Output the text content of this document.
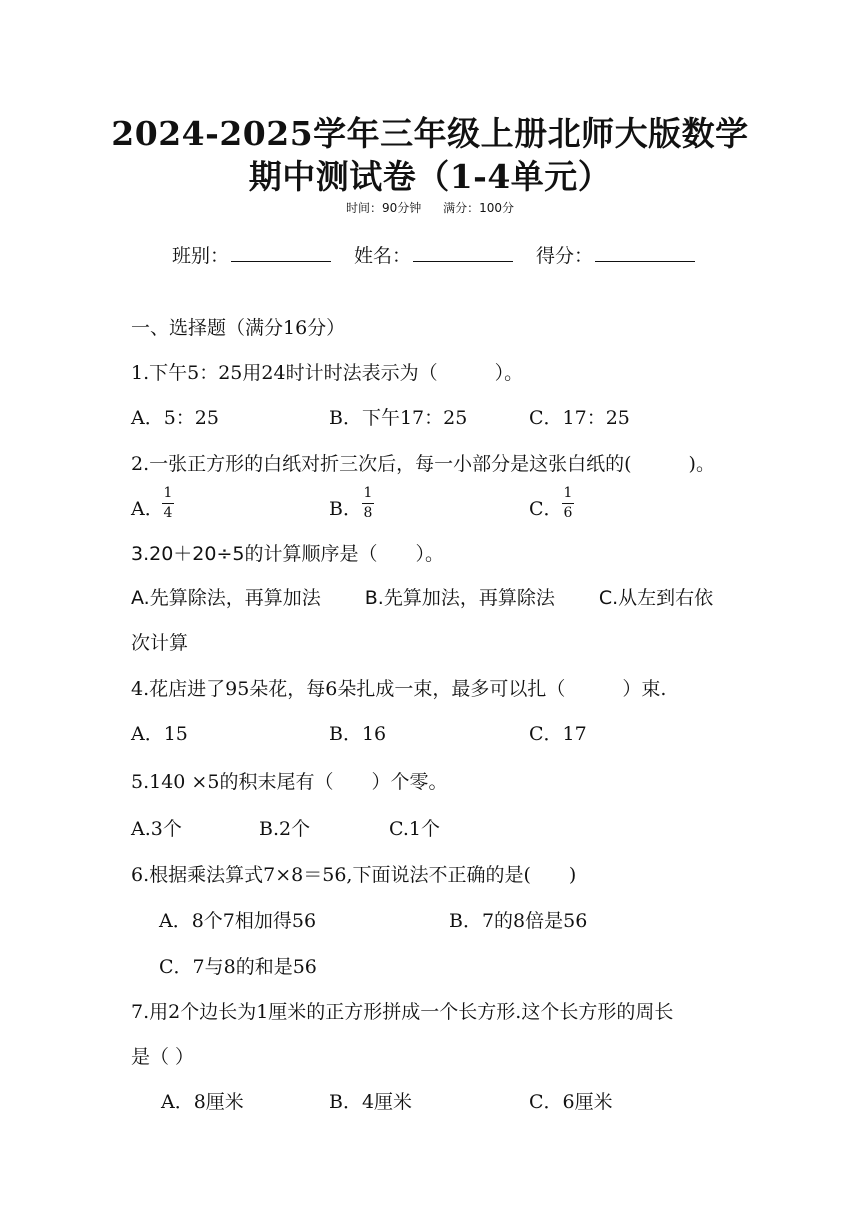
2024-2025学年三年级上册北师大版数学
期中测试卷（1-4单元）
时间：90分钟 满分：100分
班别：	姓名：	得分：
一、选择题（满分16分）
1.下午5：25用24时计时法表示为（　　　）。
A．5：25	B．下午17：25	C．17：25
2.一张正方形的白纸对折三次后，每一小部分是这张白纸的(　　　)。
A．
1
4	B．
1
8	C．
1
6
3.20＋20÷5的计算顺序是（　　）。
A.先算除法，再算加法　　 B.先算加法，再算除法　　 C.从左到右依
次计算
4.花店进了95朵花，每6朵扎成一束，最多可以扎（　　　）束.
A．15	B．16	C．17
5.140 ×5的积末尾有（　　）个零。
A.3个	B.2个	C.1个
6.根据乘法算式7×8＝56,下面说法不正确的是(　　)
A．8个7相加得56	B．7的8倍是56
C．7与8的和是56
7.用2个边长为1厘米的正方形拼成一个长方形.这个长方形的周长
是（ ）
A．8厘米	B．4厘米	C．6厘米
